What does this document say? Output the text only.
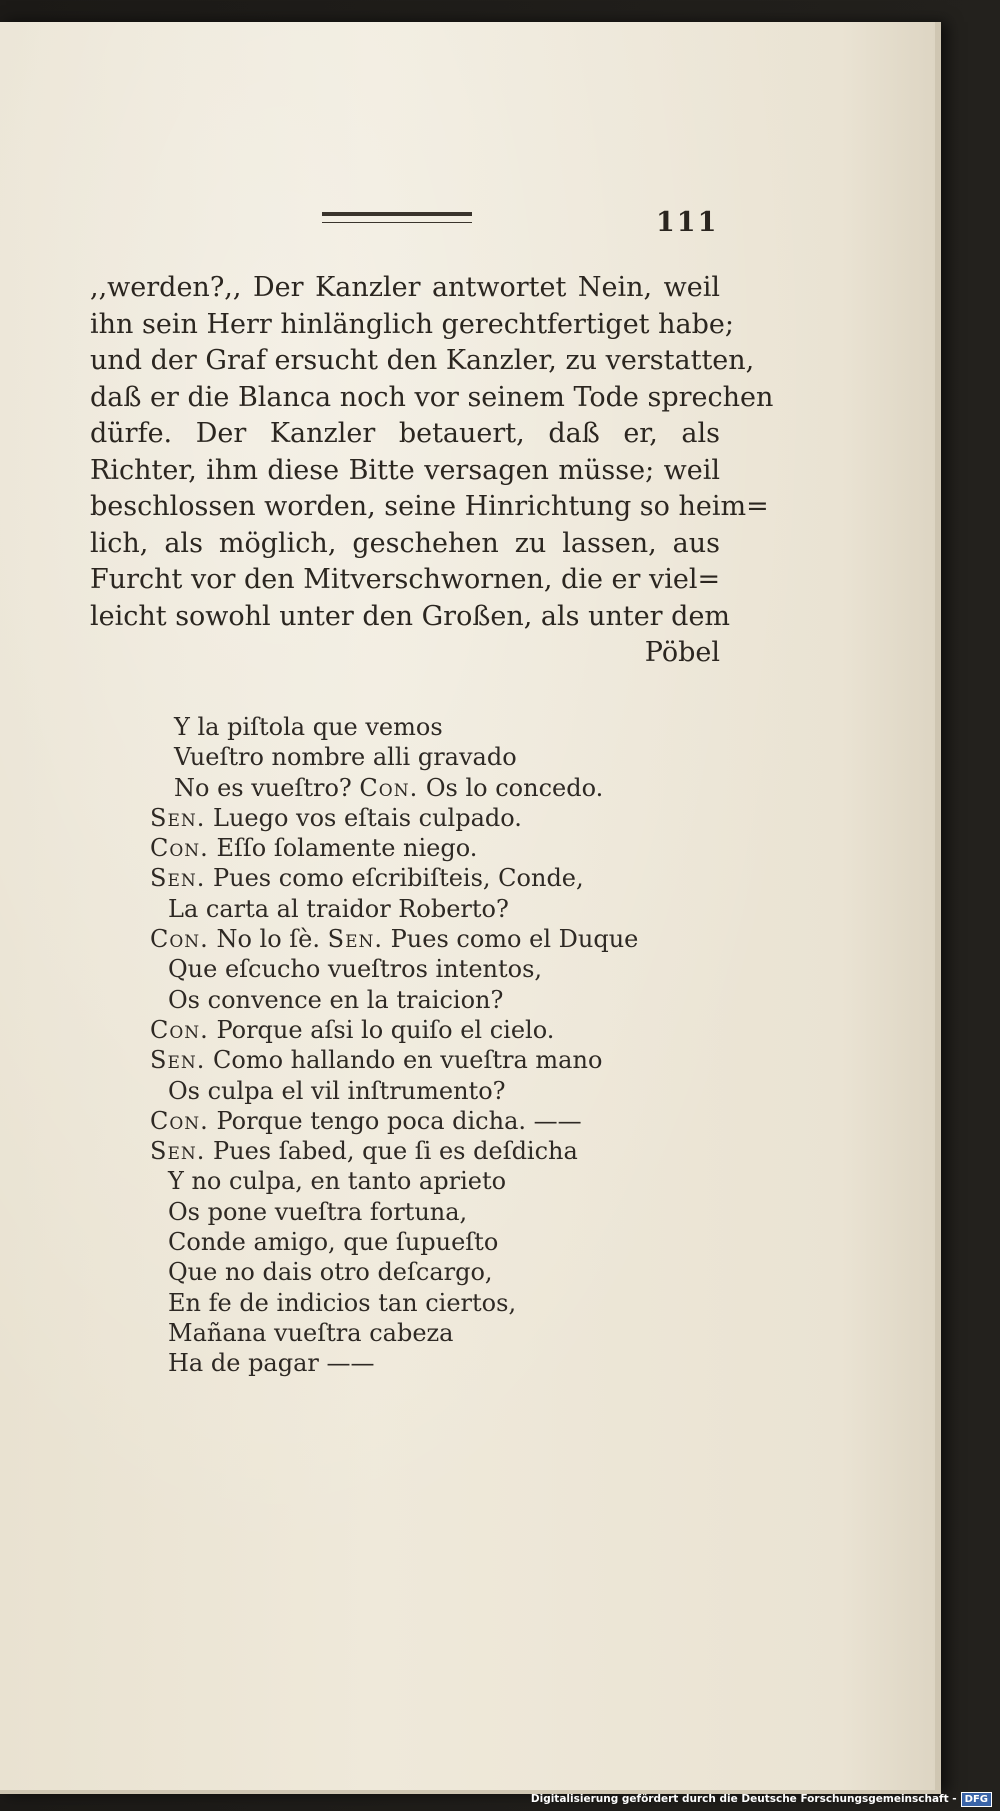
111
,,werden?,, Der Kanzler antwortet Nein, weil
ihn sein Herr hinlänglich gerechtfertiget habe;
und der Graf ersucht den Kanzler, zu verstatten,
daß er die Blanca noch vor seinem Tode sprechen
dürfe. Der Kanzler betauert, daß er, als
Richter, ihm diese Bitte versagen müsse; weil
beschlossen worden, seine Hinrichtung so heim=
lich, als möglich, geschehen zu lassen, aus
Furcht vor den Mitverschwornen, die er viel=
leicht sowohl unter den Großen, als unter dem
Pöbel
Y la piſtola que vemos
Vueſtro nombre alli gravado
No es vueſtro? Con. Os lo concedo.
Sen. Luego vos eſtais culpado.
Con. Eſſo ſolamente niego.
Sen. Pues como eſcribiſteis, Conde,
La carta al traidor Roberto?
Con. No lo ſè. Sen. Pues como el Duque
Que eſcucho vueſtros intentos,
Os convence en la traicion?
Con. Porque aſsi lo quiſo el cielo.
Sen. Como hallando en vueſtra mano
Os culpa el vil inſtrumento?
Con. Porque tengo poca dicha. ——
Sen. Pues ſabed, que ſi es deſdicha
Y no culpa, en tanto aprieto
Os pone vueſtra fortuna,
Conde amigo, que ſupueſto
Que no dais otro deſcargo,
En fe de indicios tan ciertos,
Mañana vueſtra cabeza
Ha de pagar ——
Digitalisierung gefördert durch die Deutsche Forschungsgemeinschaft - DFG
